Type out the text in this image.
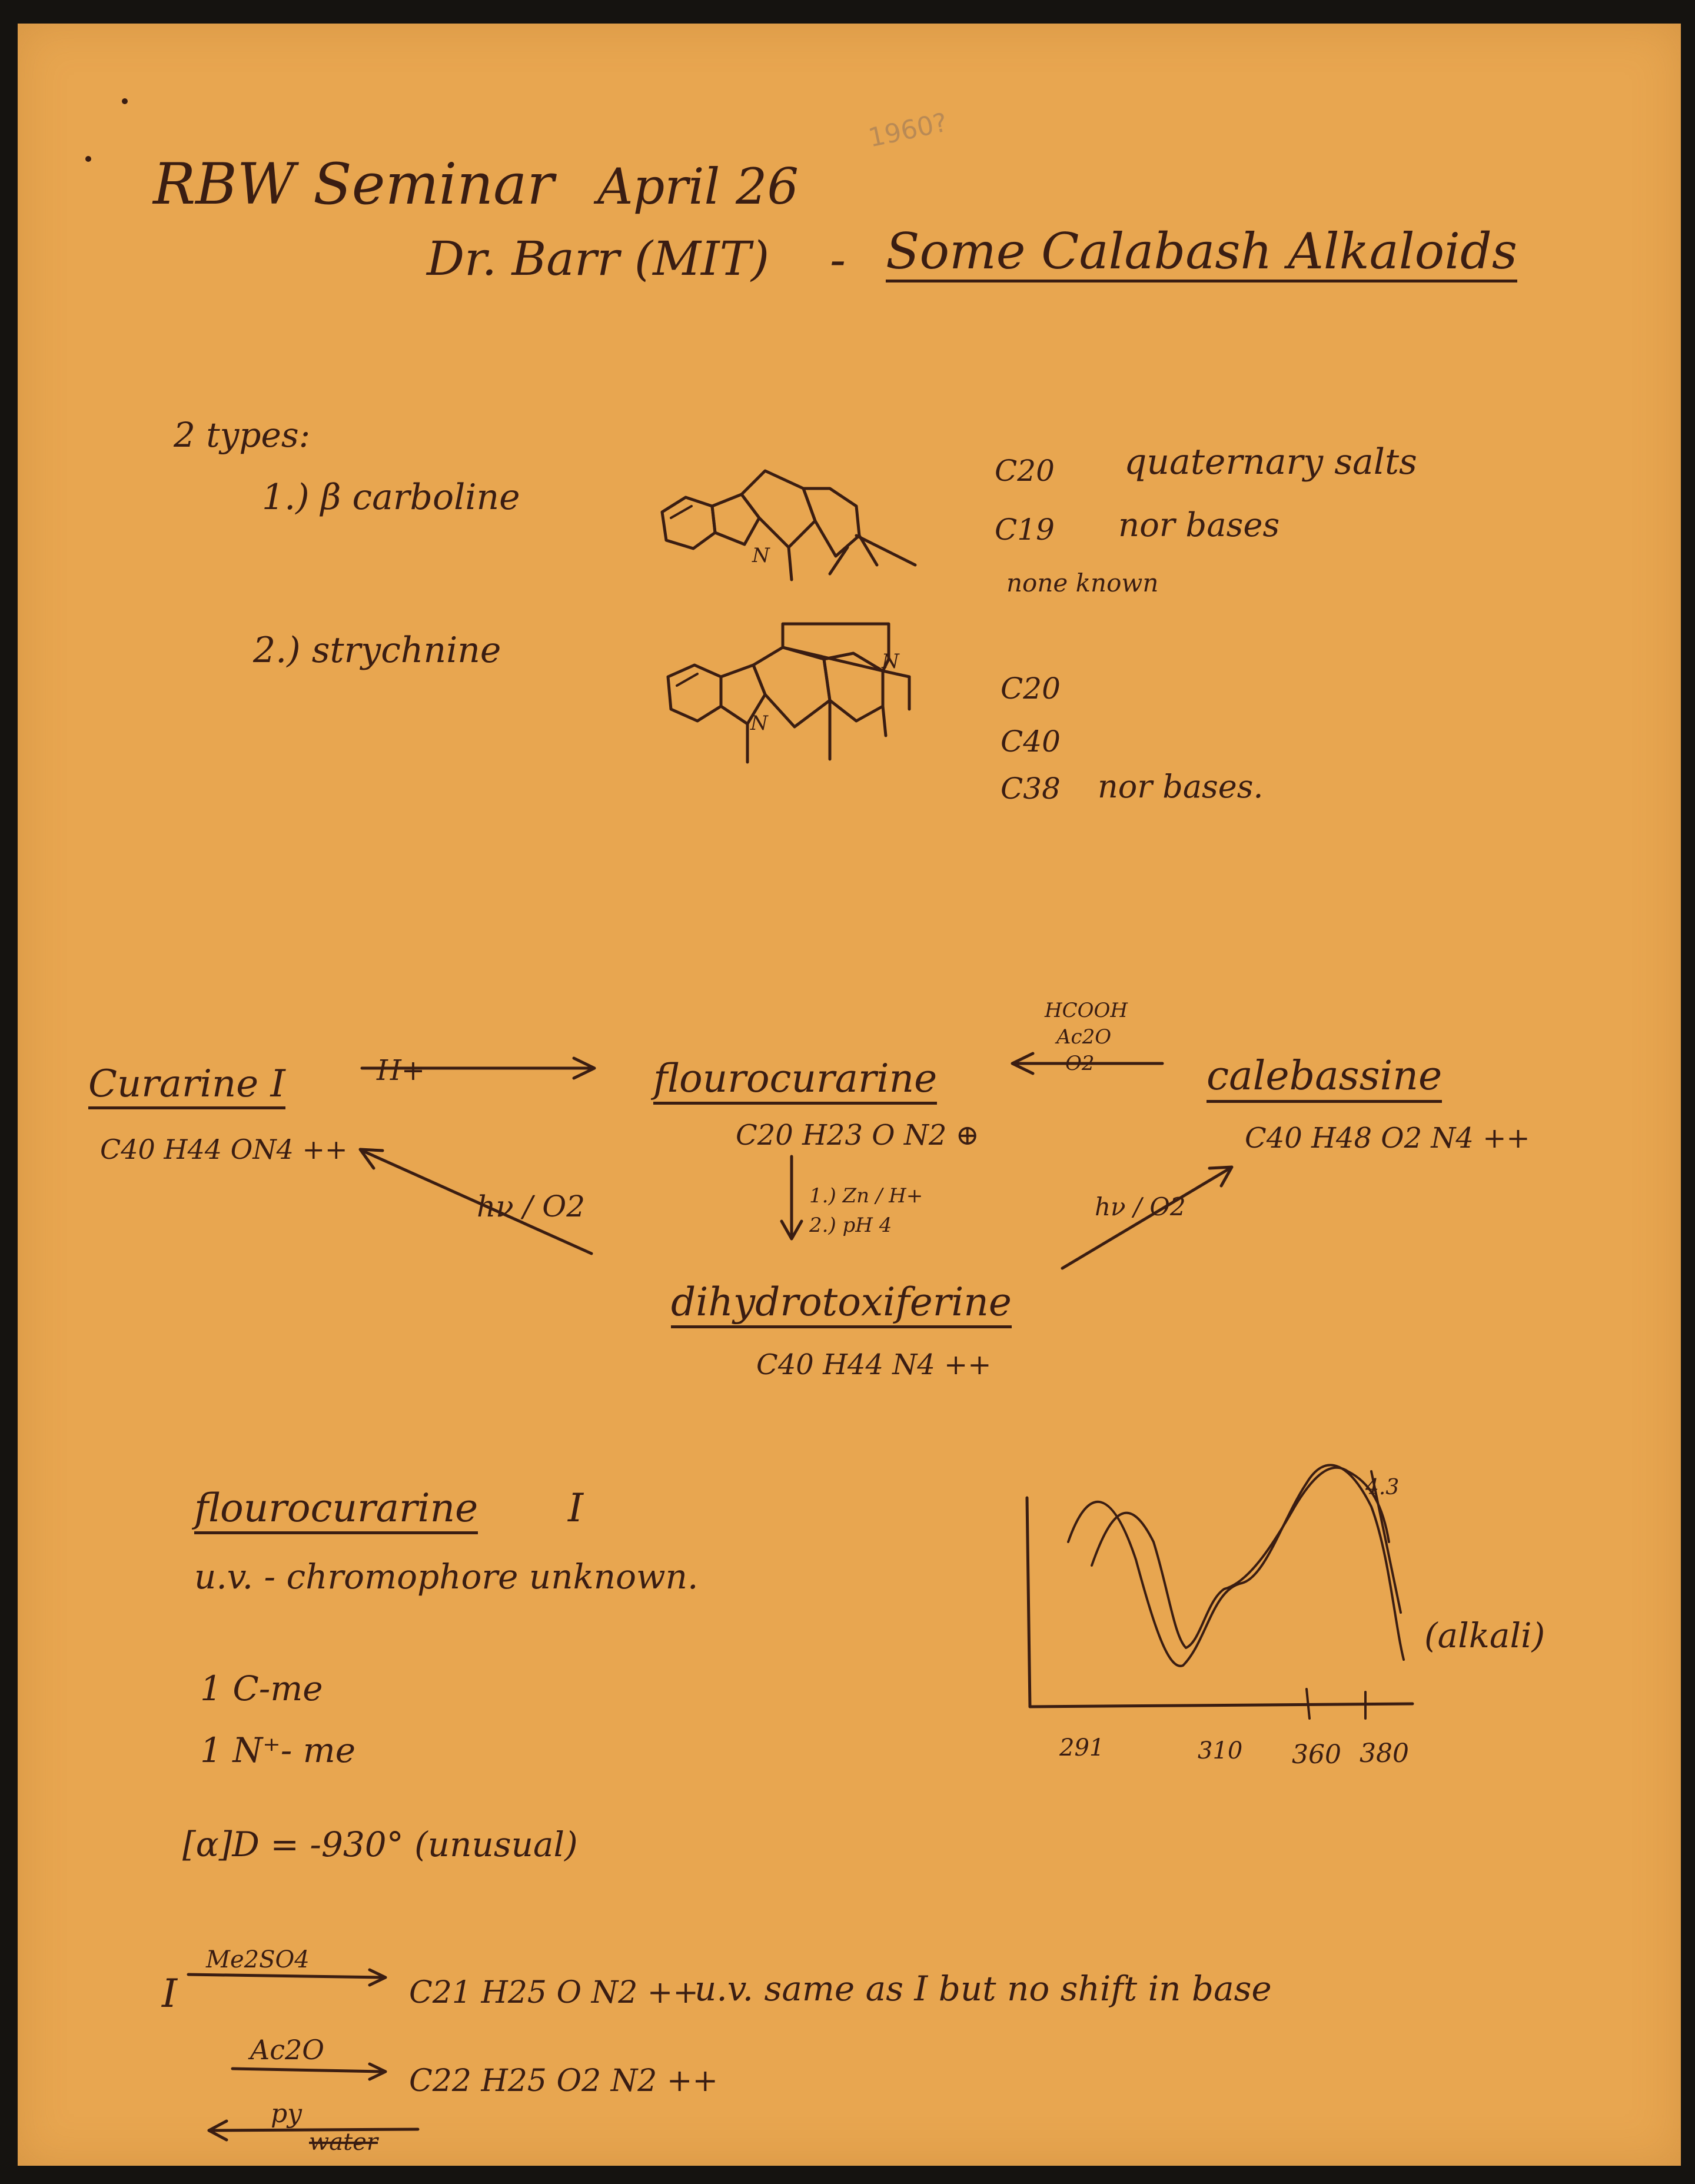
1960?
RBW Seminar April 26
Dr. Barr (MIT) - Some Calabash Alkaloids
2 types:
1.) β carboline
2.) strychnine
C20 quaternary salts
C19 nor bases
none known
C20
C40
C38 nor bases.
Curarine I
C40 H44 ON4 ++
H+	flourocurarine
C20 H23 O N2 ⊕
HCOOH
Ac2O
O2	calebassine
C40 H48 O2 N4 ++
1.) Zn / H+
2.) pH 4
hν / O2	hν / O2
dihydrotoxiferine
C40 H44 N4 ++
flourocurarine I
u.v. - chromophore unknown.
1 C-me
1 N⁺- me
[α]D = -930° (unusual)
4.3
(alkali)
291	310 360 380
I
Me2SO4
C21 H25 O N2 ++
u.v. same as I but no shift in base
Ac2O
C22 H25 O2 N2 ++
py
water
N
N
N
